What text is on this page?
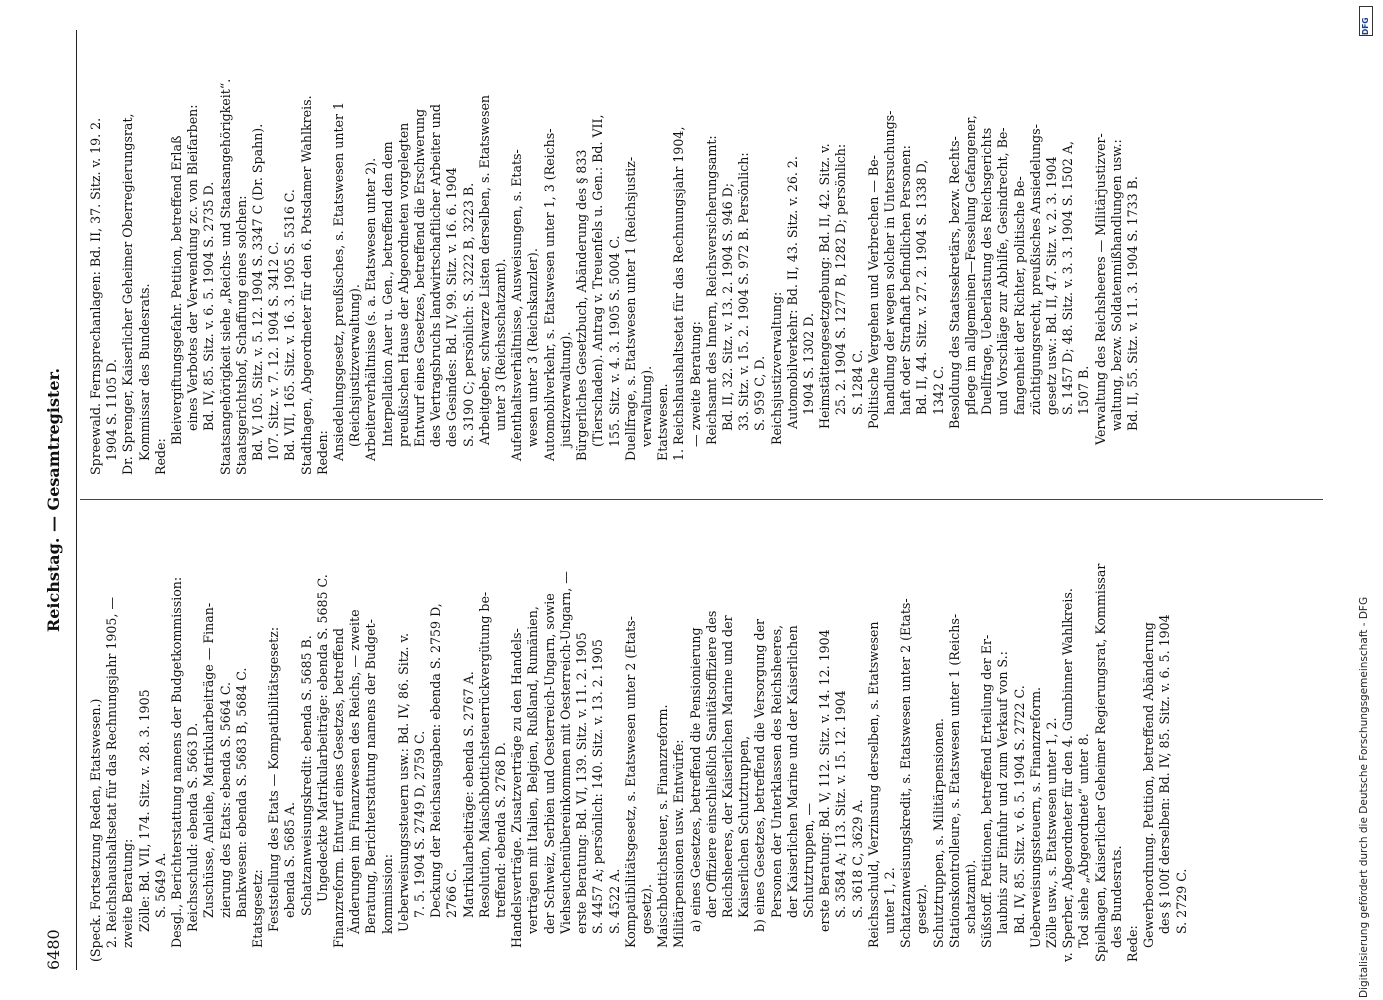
6480
Reichstag. — Gesamtregister.
(Speck. Fortsetzung Reden, Etatswesen.) 2. Reichshaushaltsetat für das Rechnungsjahr 1905, — zweite Beratung: Zölle: Bd. VII, 174. Sitz. v. 28. 3. 1905 S. 5649 A. Desgl., Berichterstattung namens der Budgetkommission: Reichsschuld: ebenda S. 5663 D. Zuschüsse, Anleihe, Matrikularbeiträge — Finan- zierung des Etats: ebenda S. 5664 C. Bankwesen: ebenda S. 5683 B, 5684 C. Etatsgesetz: Feststellung des Etats — Kompatibilitätsgesetz: ebenda S. 5685 A. Schatzanweisungskredit: ebenda S. 5685 B. Ungedeckte Matrikularbeiträge: ebenda S. 5685 C. Finanzreform. Entwurf eines Gesetzes, betreffend Änderungen im Finanzwesen des Reichs, — zweite Beratung, Berichterstattung namens der Budget- kommission: Ueberweisungssteuern usw.: Bd. IV, 86. Sitz. v. 7. 5. 1904 S. 2749 D, 2759 C. Deckung der Reichsausgaben: ebenda S. 2759 D, 2766 C. Matrikularbeiträge: ebenda S. 2767 A. Resolution, Maischbottichsteuerrückvergütung be- treffend: ebenda S. 2768 D. Handelsverträge. Zusatzverträge zu den Handels- verträgen mit Italien, Belgien, Rußland, Rumänien, der Schweiz, Serbien und Oesterreich-Ungarn, sowie Viehseuchenübereinkommen mit Oesterreich-Ungarn, — erste Beratung: Bd. VI, 139. Sitz. v. 11. 2. 1905 S. 4457 A; persönlich: 140. Sitz. v. 13. 2. 1905 S. 4522 A. Kompatibilitätsgesetz, s. Etatswesen unter 2 (Etats- gesetz). Maischbottichsteuer, s. Finanzreform. Militärpensionen usw. Entwürfe: a) eines Gesetzes, betreffend die Pensionierung der Offiziere einschließlich Sanitätsoffiziere des Reichsheeres, der Kaiserlichen Marine und der Kaiserlichen Schutztruppen, b) eines Gesetzes, betreffend die Versorgung der Personen der Unterklassen des Reichsheeres, der Kaiserlichen Marine und der Kaiserlichen Schutztruppen, — erste Beratung: Bd. V, 112. Sitz. v. 14. 12. 1904 S. 3584 A; 113. Sitz. v. 15. 12. 1904 S. 3618 C, 3629 A. Reichsschuld, Verzinsung derselben, s. Etatswesen unter 1, 2. Schatzanweisungskredit, s. Etatswesen unter 2 (Etats- gesetz). Schutztruppen, s. Militärpensionen. Stationskontrolleure, s. Etatswesen unter 1 (Reichs- schatzamt). Süßstoff. Petitionen, betreffend Erteilung der Er- laubnis zur Einfuhr und zum Verkauf von S.: Bd. IV, 85. Sitz. v. 6. 5. 1904 S. 2722 C. Ueberweisungssteuern, s. Finanzreform. Zölle usw., s. Etatswesen unter 1, 2. v. Sperber, Abgeordneter für den 4. Gumbinner Wahlkreis. Tod siehe „Abgeordnete“ unter 8. Spielhagen, Kaiserlicher Geheimer Regierungsrat, Kommissar des Bundesrats. Rede: Gewerbeordnung. Petition, betreffend Abänderung des § 100f derselben: Bd. IV, 85. Sitz. v. 6. 5. 1904 S. 2729 C.
Spreewald. Fernsprechanlagen: Bd. II, 37. Sitz. v. 19. 2. 1904 S. 1105 D. Dr. Sprenger, Kaiserlicher Geheimer Oberregierungsrat, Kommissar des Bundesrats. Rede:
Bleivergiftungsgefahr. Petition, betreffend Erlaß eines Verbotes der Verwendung zc. von Bleifarben: Bd. IV, 85. Sitz. v. 6. 5. 1904 S. 2735 D. Staatsangehörigkeit siehe „Reichs- und Staatsangehörigkeit“. Staatsgerichtshof, Schaffung eines solchen: Bd. V, 105. Sitz. v. 5. 12. 1904 S. 3347 C (Dr. Spahn). 107. Sitz. v. 7. 12. 1904 S. 3412 C. Bd. VII, 165. Sitz. v. 16. 3. 1905 S. 5316 C. Stadthagen, Abgeordneter für den 6. Potsdamer Wahlkreis. Reden: Ansiedelungsgesetz, preußisches, s. Etatswesen unter 1 (Reichsjustizverwaltung). Arbeiterverhältnisse (s. a. Etatswesen unter 2). Interpellation Auer u. Gen., betreffend den dem preußischen Hause der Abgeordneten vorgelegten Entwurf eines Gesetzes, betreffend die Erschwerung des Vertragsbruchs landwirtschaftlicher Arbeiter und des Gesindes: Bd. IV, 99. Sitz. v. 16. 6. 1904 S. 3190 C; persönlich: S. 3222 B, 3223 B. Arbeitgeber, schwarze Listen derselben, s. Etatswesen unter 3 (Reichsschatzamt). Aufenthaltsverhältnisse, Ausweisungen, s. Etats- wesen unter 3 (Reichskanzler). Automobilverkehr, s. Etatswesen unter 1, 3 (Reichs- justizverwaltung). Bürgerliches Gesetzbuch, Abänderung des § 833 (Tierschaden). Antrag v. Treuenfels u. Gen.: Bd. VII, 155. Sitz. v. 4. 3. 1905 S. 5004 C. Duellfrage, s. Etatswesen unter 1 (Reichsjustiz- verwaltung). Etatswesen. 1. Reichshaushaltsetat für das Rechnungsjahr 1904, — zweite Beratung: Reichsamt des Innern, Reichsversicherungsamt: Bd. II, 32. Sitz. v. 13. 2. 1904 S. 946 D; 33. Sitz. v. 15. 2. 1904 S. 972 B. Persönlich: S. 959 C, D. Reichsjustizverwaltung: Automobilverkehr: Bd. II, 43. Sitz. v. 26. 2. 1904 S. 1302 D. Heimstättengesetzgebung: Bd. II, 42. Sitz. v. 25. 2. 1904 S. 1277 B, 1282 D; persönlich: S. 1284 C. Politische Vergehen und Verbrechen — Be- handlung der wegen solcher in Untersuchungs- haft oder Strafhaft befindlichen Personen: Bd. II, 44. Sitz. v. 27. 2. 1904 S. 1338 D, 1342 C. Besoldung des Staatssekretärs, bezw. Rechts- pflege im allgemeinen—Fesselung Gefangener, Duellfrage, Ueberlastung des Reichsgerichts und Vorschläge zur Abhilfe, Gesindrecht, Be- fangenheit der Richter, politische Be- züchtigungsrecht, preußisches Ansiedelungs- gesetz usw.: Bd. II, 47. Sitz. v. 2. 3. 1904 S. 1457 D; 48. Sitz. v. 3. 3. 1904 S. 1502 A, 1507 B. Verwaltung des Reichsheeres — Militärjustizver- waltung, bezw. Soldatenmißhandlungen usw.: Bd. II, 55. Sitz. v. 11. 3. 1904 S. 1733 B.
DFG
Digitalisierung gefördert durch die Deutsche Forschungsgemeinschaft - DFG
